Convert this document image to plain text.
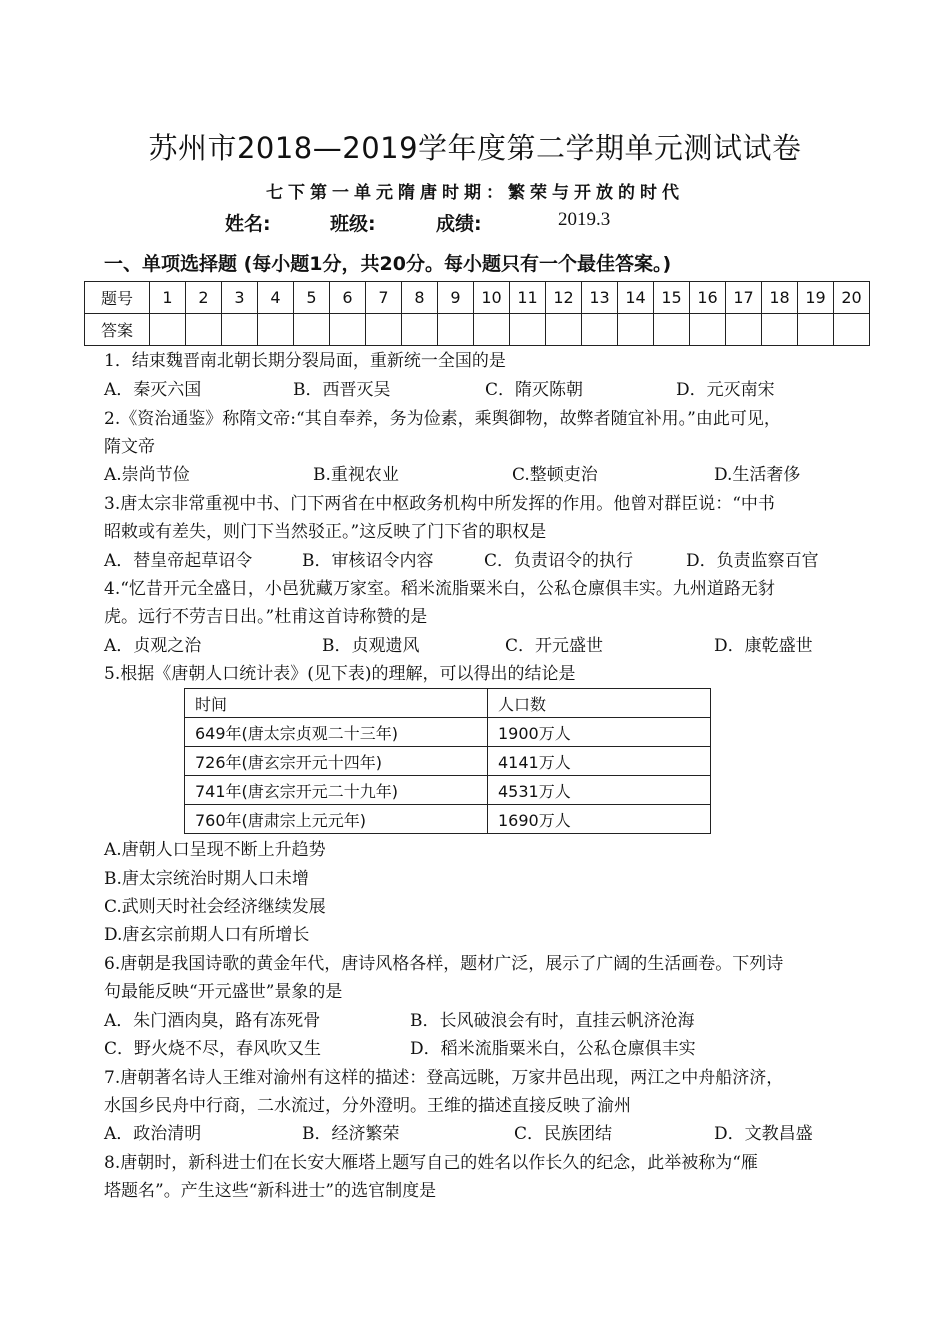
苏州市2018—2019学年度第二学期单元测试试卷
七下第一单元隋唐时期：繁荣与开放的时代
姓名:	班级:	成绩:	2019.3
一、单项选择题 (每小题1分，共20分。每小题只有一个最佳答案。)
题号	1	2	3	4	5	6	7	8	9	10	11	12	13	14	15	16	17	18	19	20
答案																				
1．结束魏晋南北朝长期分裂局面，重新统一全国的是
A．秦灭六国	B．西晋灭吴	C．隋灭陈朝	D．元灭南宋
2.《资治通鉴》称隋文帝:“其自奉养，务为俭素，乘舆御物，故弊者随宜补用。”由此可见，
隋文帝
A.崇尚节俭	B.重视农业	C.整顿吏治	D.生活奢侈
3.唐太宗非常重视中书、门下两省在中枢政务机构中所发挥的作用。他曾对群臣说：“中书
昭敕或有差失，则门下当然驳正。”这反映了门下省的职权是
A．替皇帝起草诏令	B．审核诏令内容	C．负责诏令的执行	D．负责监察百官
4.“忆昔开元全盛日，小邑犹藏万家室。稻米流脂粟米白，公私仓廪俱丰实。九州道路无豺
虎。远行不劳吉日出。”杜甫这首诗称赞的是
A．贞观之治	B．贞观遗风	C．开元盛世	D．康乾盛世
5.根据《唐朝人口统计表》(见下表)的理解，可以得出的结论是
时间	人口数
649年(唐太宗贞观二十三年)	1900万人
726年(唐玄宗开元十四年)	4141万人
741年(唐玄宗开元二十九年)	4531万人
760年(唐肃宗上元元年)	1690万人
A.唐朝人口呈现不断上升趋势
B.唐太宗统治时期人口未增
C.武则天时社会经济继续发展
D.唐玄宗前期人口有所增长
6.唐朝是我国诗歌的黄金年代，唐诗风格各样，题材广泛，展示了广阔的生活画卷。下列诗
句最能反映“开元盛世”景象的是
A．朱门酒肉臭，路有冻死骨	B．长风破浪会有时，直挂云帆济沧海
C．野火烧不尽，春风吹又生	D．稻米流脂粟米白，公私仓廪俱丰实
7.唐朝著名诗人王维对渝州有这样的描述：登高远眺，万家井邑出现，两江之中舟船济济，
水国乡民舟中行商，二水流过，分外澄明。王维的描述直接反映了渝州
A．政治清明	B．经济繁荣	C．民族团结	D．文教昌盛
8.唐朝时，新科进士们在长安大雁塔上题写自己的姓名以作长久的纪念，此举被称为“雁
塔题名”。产生这些“新科进士”的选官制度是
